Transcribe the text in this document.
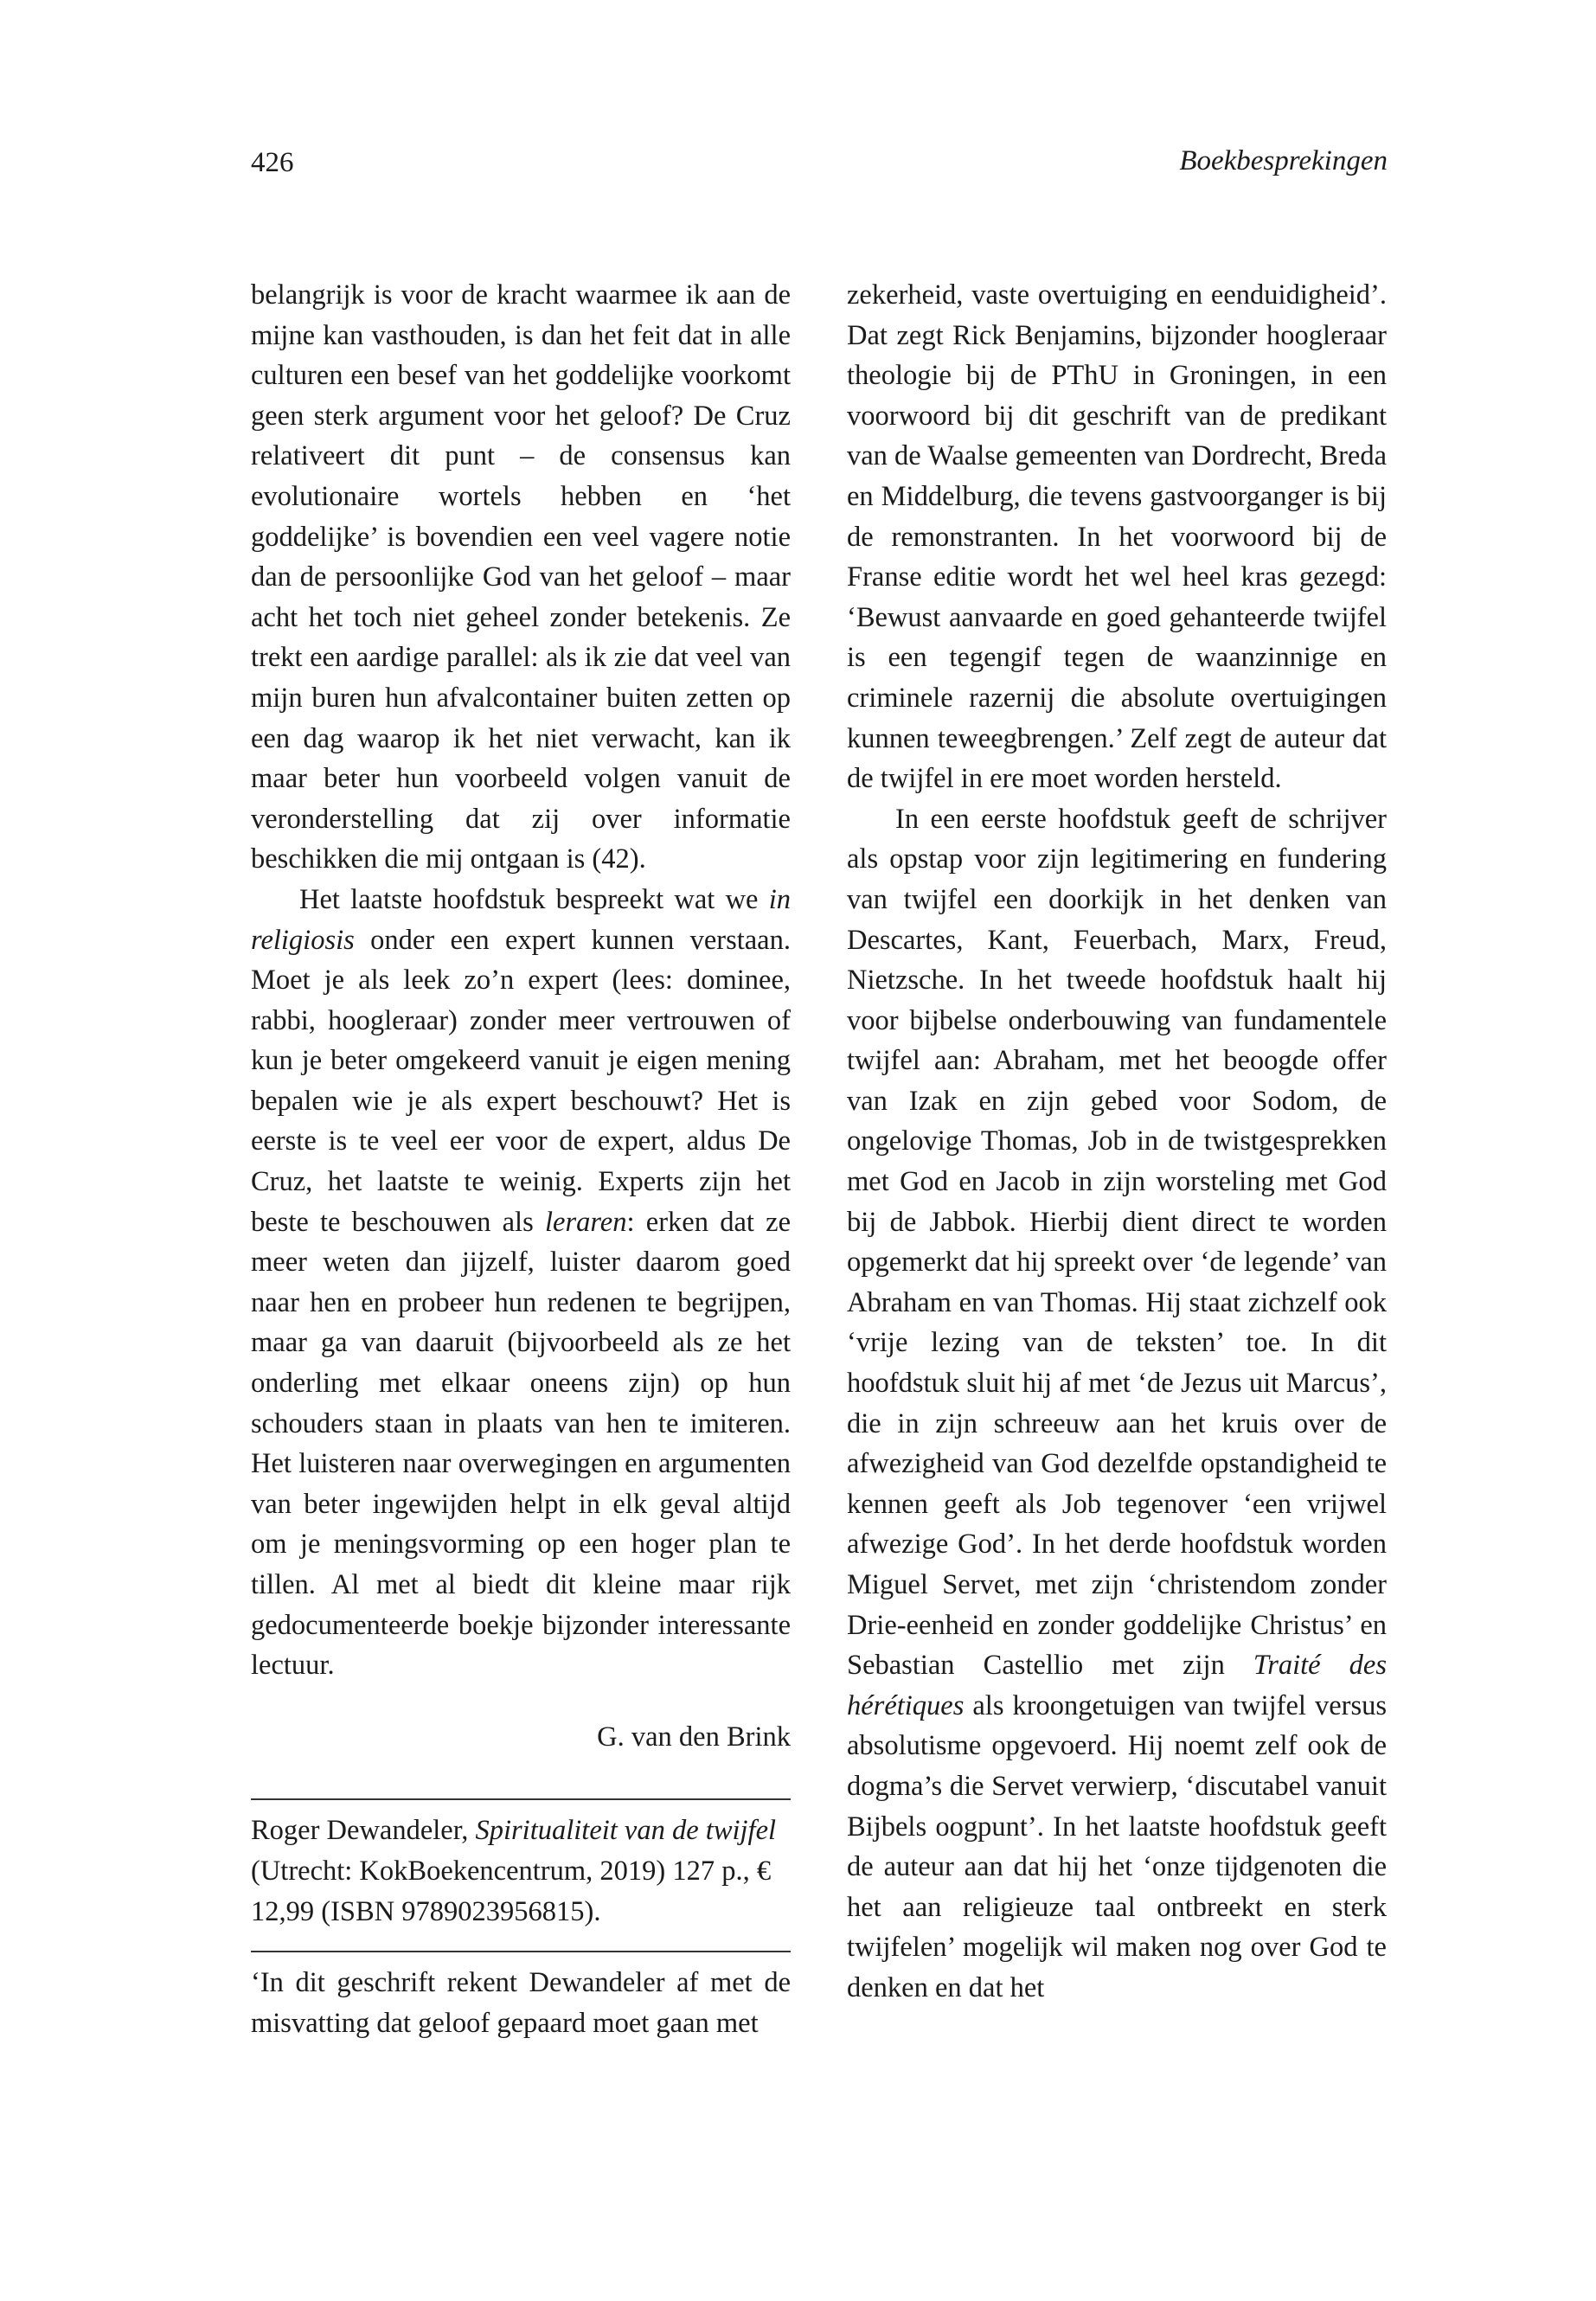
426	Boekbesprekingen

belangrijk is voor de kracht waarmee ik aan de mijne kan vasthouden, is dan het feit dat in alle culturen een besef van het goddelijke voorkomt geen sterk argument voor het geloof? De Cruz relativeert dit punt – de consensus kan evolutionaire wortels hebben en ‘het goddelijke’ is bovendien een veel vagere notie dan de persoonlijke God van het geloof – maar acht het toch niet geheel zonder betekenis. Ze trekt een aardige parallel: als ik zie dat veel van mijn buren hun afvalcontainer buiten zetten op een dag waarop ik het niet verwacht, kan ik maar beter hun voorbeeld volgen vanuit de veronderstelling dat zij over informatie beschikken die mij ontgaan is (42).

Het laatste hoofdstuk bespreekt wat we in religiosis onder een expert kunnen verstaan. Moet je als leek zo’n expert (lees: dominee, rabbi, hoogleraar) zonder meer vertrouwen of kun je beter omgekeerd vanuit je eigen mening bepalen wie je als expert beschouwt? Het is eerste is te veel eer voor de expert, aldus De Cruz, het laatste te weinig. Experts zijn het beste te beschouwen als leraren: erken dat ze meer weten dan jijzelf, luister daarom goed naar hen en probeer hun redenen te begrijpen, maar ga van daaruit (bijvoorbeeld als ze het onderling met elkaar oneens zijn) op hun schouders staan in plaats van hen te imiteren. Het luisteren naar overwegingen en argumenten van beter ingewijden helpt in elk geval altijd om je meningsvorming op een hoger plan te tillen. Al met al biedt dit kleine maar rijk gedocumenteerde boekje bijzonder interessante lectuur.

G. van den Brink

Roger Dewandeler, Spiritualiteit van de twijfel (Utrecht: KokBoekencentrum, 2019) 127 p., € 12,99 (ISBN 9789023956815).

‘In dit geschrift rekent Dewandeler af met de misvatting dat geloof gepaard moet gaan met

zekerheid, vaste overtuiging en eenduidigheid’. Dat zegt Rick Benjamins, bijzonder hoogleraar theologie bij de PThU in Groningen, in een voorwoord bij dit geschrift van de predikant van de Waalse gemeenten van Dordrecht, Breda en Middelburg, die tevens gastvoorganger is bij de remonstranten. In het voorwoord bij de Franse editie wordt het wel heel kras gezegd: ‘Bewust aanvaarde en goed gehanteerde twijfel is een tegengif tegen de waanzinnige en criminele razernij die absolute overtuigingen kunnen teweegbrengen.’ Zelf zegt de auteur dat de twijfel in ere moet worden hersteld.

In een eerste hoofdstuk geeft de schrijver als opstap voor zijn legitimering en fundering van twijfel een doorkijk in het denken van Descartes, Kant, Feuerbach, Marx, Freud, Nietzsche. In het tweede hoofdstuk haalt hij voor bijbelse onderbouwing van fundamentele twijfel aan: Abraham, met het beoogde offer van Izak en zijn gebed voor Sodom, de ongelovige Thomas, Job in de twistgesprekken met God en Jacob in zijn worsteling met God bij de Jabbok. Hierbij dient direct te worden opgemerkt dat hij spreekt over ‘de legende’ van Abraham en van Thomas. Hij staat zichzelf ook ‘vrije lezing van de teksten’ toe. In dit hoofdstuk sluit hij af met ‘de Jezus uit Marcus’, die in zijn schreeuw aan het kruis over de afwezigheid van God dezelfde opstandigheid te kennen geeft als Job tegenover ‘een vrijwel afwezige God’. In het derde hoofdstuk worden Miguel Servet, met zijn ‘christendom zonder Drie-eenheid en zonder goddelijke Christus’ en Sebastian Castellio met zijn Traité des hérétiques als kroongetuigen van twijfel versus absolutisme opgevoerd. Hij noemt zelf ook de dogma’s die Servet verwierp, ‘discutabel vanuit Bijbels oogpunt’. In het laatste hoofdstuk geeft de auteur aan dat hij het ‘onze tijdgenoten die het aan religieuze taal ontbreekt en sterk twijfelen’ mogelijk wil maken nog over God te denken en dat het
